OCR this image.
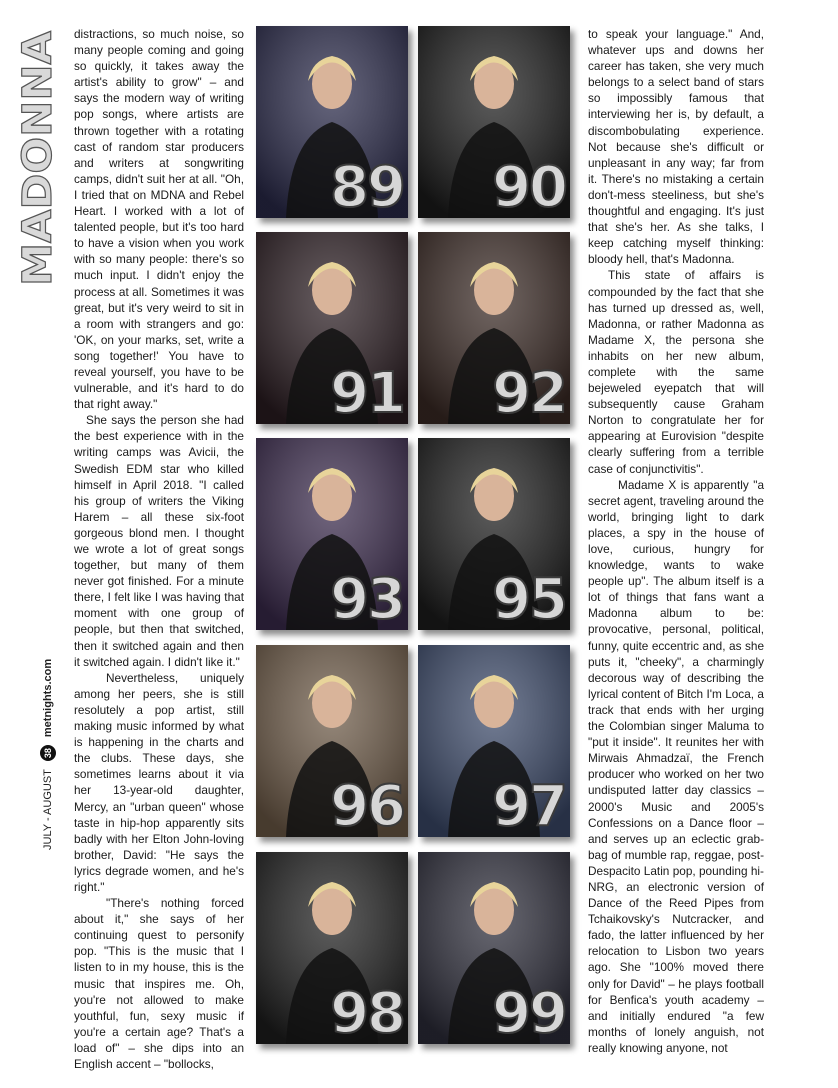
MADONNA
JULY - AUGUST
38
metnights.com

distractions, so much noise, so many people coming and going so quickly, it takes away the artist's ability to grow" – and says the modern way of writing pop songs, where artists are thrown together with a rotating cast of random star producers and writers at songwriting camps, didn't suit her at all. "Oh, I tried that on MDNA and Rebel Heart. I worked with a lot of talented people, but it's too hard to have a vision when you work with so many people: there's so much input. I didn't enjoy the process at all. Sometimes it was great, but it's very weird to sit in a room with strangers and go: 'OK, on your marks, set, write a song together!' You have to reveal yourself, you have to be vulnerable, and it's hard to do that right away."

She says the person she had the best experience with in the writing camps was Avicii, the Swedish EDM star who killed himself in April 2018. "I called his group of writers the Viking Harem – all these six-foot gorgeous blond men. I thought we wrote a lot of great songs together, but many of them never got finished. For a minute there, I felt like I was having that moment with one group of people, but then that switched, then it switched again and then it switched again. I didn't like it."

Nevertheless, uniquely among her peers, she is still resolutely a pop artist, still making music informed by what is happening in the charts and the clubs. These days, she sometimes learns about it via her 13-year-old daughter, Mercy, an "urban queen" whose taste in hip-hop apparently sits badly with her Elton John-loving brother, David: "He says the lyrics degrade women, and he's right."

"There's nothing forced about it," she says of her continuing quest to personify pop. "This is the music that I listen to in my house, this is the music that inspires me. Oh, you're not allowed to make youthful, fun, sexy music if you're a certain age? That's a load of" – she dips into an English accent – "bollocks,

to speak your language." And, whatever ups and downs her career has taken, she very much belongs to a select band of stars so impossibly famous that interviewing her is, by default, a discombobulating experience. Not because she's difficult or unpleasant in any way; far from it. There's no mistaking a certain don't-mess steeliness, but she's thoughtful and engaging. It's just that she's her. As she talks, I keep catching myself thinking: bloody hell, that's Madonna.

This state of affairs is compounded by the fact that she has turned up dressed as, well, Madonna, or rather Madonna as Madame X, the persona she inhabits on her new album, complete with the same bejeweled eyepatch that will subsequently cause Graham Norton to congratulate her for appearing at Eurovision "despite clearly suffering from a terrible case of conjunctivitis".

Madame X is apparently "a secret agent, traveling around the world, bringing light to dark places, a spy in the house of love, curious, hungry for knowledge, wants to wake people up". The album itself is a lot of things that fans want a Madonna album to be: provocative, personal, political, funny, quite eccentric and, as she puts it, "cheeky", a charmingly decorous way of describing the lyrical content of Bitch I'm Loca, a track that ends with her urging the Colombian singer Maluma to "put it inside". It reunites her with Mirwais Ahmadzaï, the French producer who worked on her two undisputed latter day classics – 2000's Music and 2005's Confessions on a Dance floor – and serves up an eclectic grab-bag of mumble rap, reggae, post-Despacito Latin pop, pounding hi-NRG, an electronic version of Dance of the Reed Pipes from Tchaikovsky's Nutcracker, and fado, the latter influenced by her relocation to Lisbon two years ago. She "100% moved there only for David" – he plays football for Benfica's youth academy – and initially endured "a few months of lonely anguish, not really knowing anyone, not

89 90
91 92
93 95
96 97
98 99
